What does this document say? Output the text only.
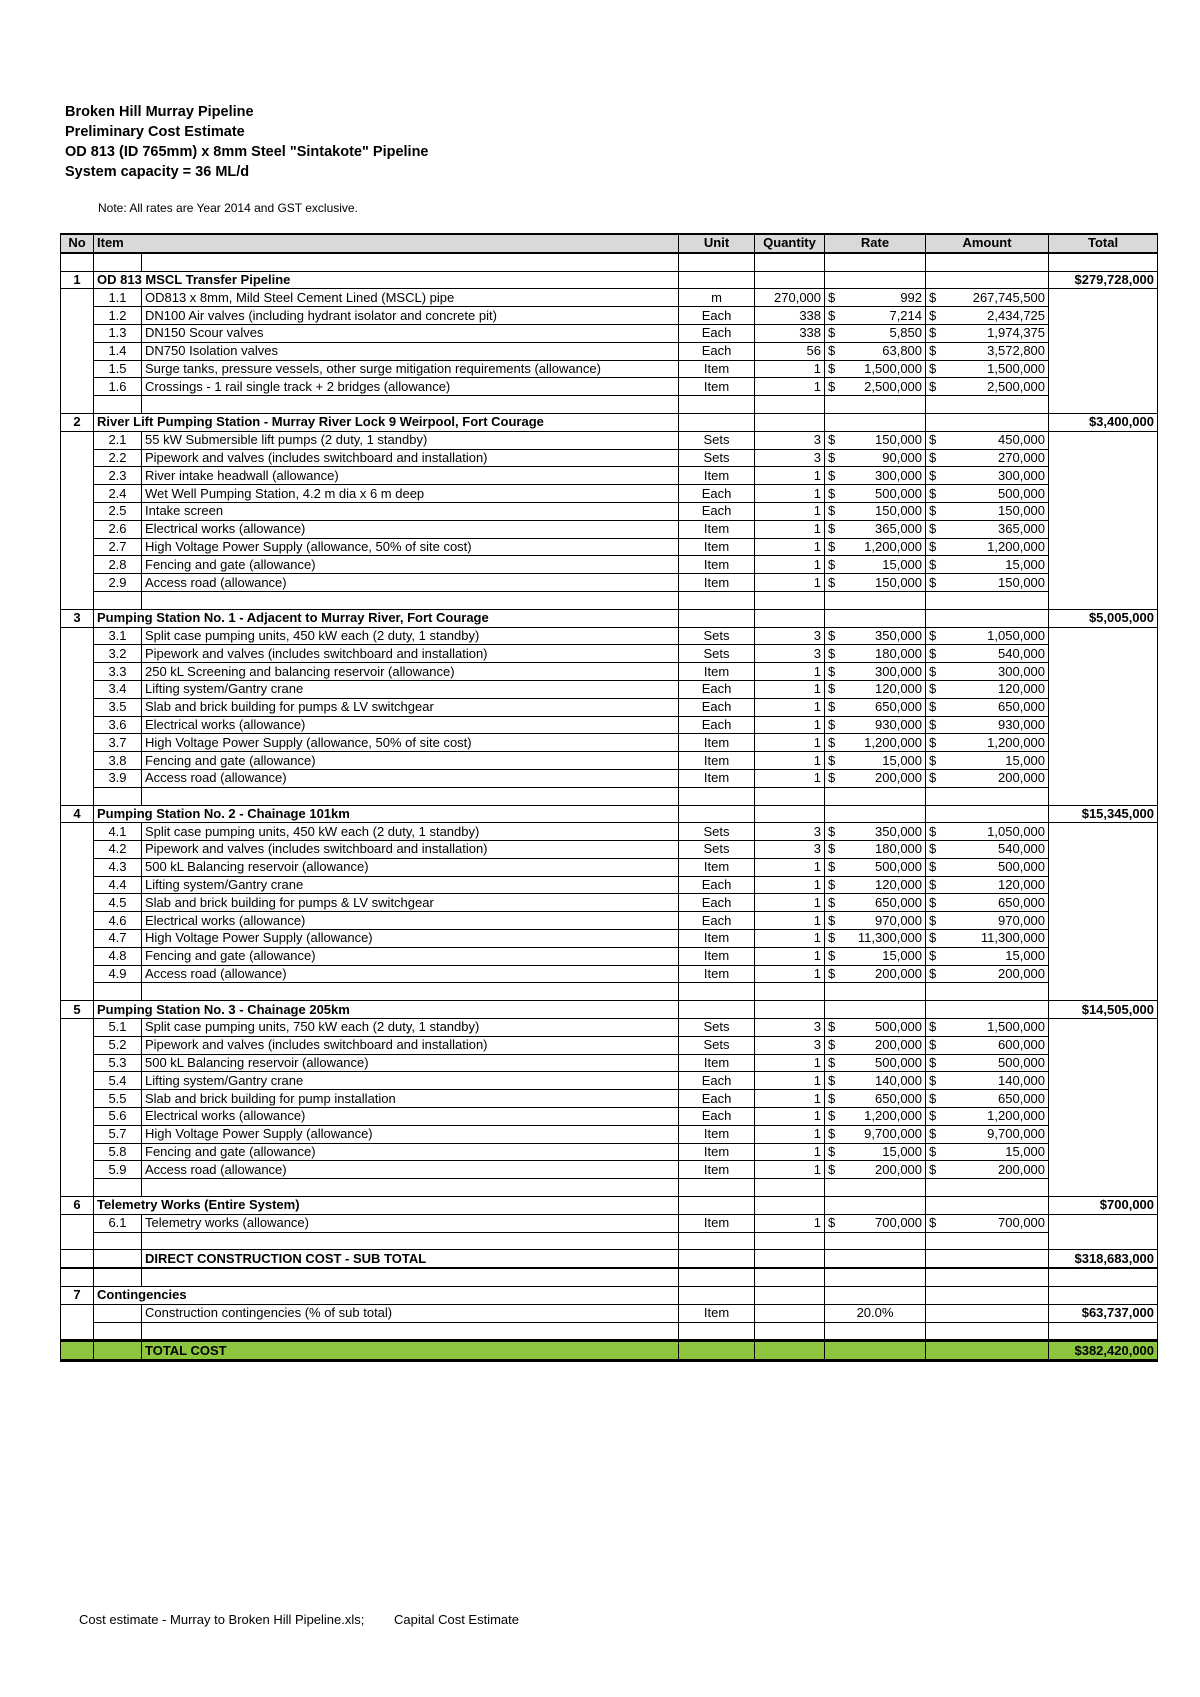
Broken Hill Murray Pipeline
Preliminary Cost Estimate
OD 813 (ID 765mm) x 8mm Steel "Sintakote" Pipeline
System capacity = 36 ML/d
Note: All rates are Year 2014 and GST exclusive.
No	Item		Unit	Quantity	Rate	Amount	Total

1	OD 813 MSCL Transfer Pipeline						$279,728,000
	1.1	OD813 x 8mm, Mild Steel Cement Lined (MSCL) pipe	m	270,000	$ 992	$ 267,745,500	

	1.2	DN100 Air valves (including hydrant isolator and concrete pit)	Each	338	$ 7,214	$ 2,434,725	

	1.3	DN150 Scour valves	Each	338	$ 5,850	$ 1,974,375	

	1.4	DN750 Isolation valves	Each	56	$ 63,800	$ 3,572,800	

	1.5	Surge tanks, pressure vessels, other surge mitigation requirements (allowance)	Item	1	$ 1,500,000	$ 1,500,000	

	1.6	Crossings - 1 rail single track + 2 bridges (allowance)	Item	1	$ 2,500,000	$ 2,500,000	

2	River Lift Pumping Station - Murray River Lock 9 Weirpool, Fort Courage						$3,400,000
	2.1	55 kW Submersible lift pumps (2 duty, 1 standby)	Sets	3	$ 150,000	$ 450,000	

	2.2	Pipework and valves (includes switchboard and installation)	Sets	3	$ 90,000	$ 270,000	

	2.3	River intake headwall (allowance)	Item	1	$ 300,000	$ 300,000	

	2.4	Wet Well Pumping Station, 4.2 m dia x 6 m deep	Each	1	$ 500,000	$ 500,000	

	2.5	Intake screen	Each	1	$ 150,000	$ 150,000	

	2.6	Electrical works (allowance)	Item	1	$ 365,000	$ 365,000	

	2.7	High Voltage Power Supply (allowance, 50% of site cost)	Item	1	$ 1,200,000	$ 1,200,000	

	2.8	Fencing and gate (allowance)	Item	1	$ 15,000	$ 15,000	

	2.9	Access road (allowance)	Item	1	$ 150,000	$ 150,000	

3	Pumping Station No. 1 - Adjacent to Murray River, Fort Courage						$5,005,000
	3.1	Split case pumping units, 450 kW each (2 duty, 1 standby)	Sets	3	$ 350,000	$ 1,050,000	

	3.2	Pipework and valves (includes switchboard and installation)	Sets	3	$ 180,000	$ 540,000	

	3.3	250 kL Screening and balancing reservoir (allowance)	Item	1	$ 300,000	$ 300,000	

	3.4	Lifting system/Gantry crane	Each	1	$ 120,000	$ 120,000	

	3.5	Slab and brick building for pumps & LV switchgear	Each	1	$ 650,000	$ 650,000	

	3.6	Electrical works (allowance)	Each	1	$ 930,000	$ 930,000	

	3.7	High Voltage Power Supply (allowance, 50% of site cost)	Item	1	$ 1,200,000	$ 1,200,000	

	3.8	Fencing and gate (allowance)	Item	1	$ 15,000	$ 15,000	

	3.9	Access road (allowance)	Item	1	$ 200,000	$ 200,000	

4	Pumping Station No. 2 - Chainage 101km						$15,345,000
	4.1	Split case pumping units, 450 kW each (2 duty, 1 standby)	Sets	3	$ 350,000	$ 1,050,000	

	4.2	Pipework and valves (includes switchboard and installation)	Sets	3	$ 180,000	$ 540,000	

	4.3	500 kL Balancing reservoir (allowance)	Item	1	$ 500,000	$ 500,000	

	4.4	Lifting system/Gantry crane	Each	1	$ 120,000	$ 120,000	

	4.5	Slab and brick building for pumps & LV switchgear	Each	1	$ 650,000	$ 650,000	

	4.6	Electrical works (allowance)	Each	1	$ 970,000	$ 970,000	

	4.7	High Voltage Power Supply (allowance)	Item	1	$ 11,300,000	$ 11,300,000	

	4.8	Fencing and gate (allowance)	Item	1	$ 15,000	$ 15,000	

	4.9	Access road (allowance)	Item	1	$ 200,000	$ 200,000	

5	Pumping Station No. 3 - Chainage 205km						$14,505,000
	5.1	Split case pumping units, 750 kW each (2 duty, 1 standby)	Sets	3	$ 500,000	$ 1,500,000	

	5.2	Pipework and valves (includes switchboard and installation)	Sets	3	$ 200,000	$ 600,000	

	5.3	500 kL Balancing reservoir (allowance)	Item	1	$ 500,000	$ 500,000	

	5.4	Lifting system/Gantry crane	Each	1	$ 140,000	$ 140,000	

	5.5	Slab and brick building for pump installation	Each	1	$ 650,000	$ 650,000	

	5.6	Electrical works (allowance)	Each	1	$ 1,200,000	$ 1,200,000	

	5.7	High Voltage Power Supply (allowance)	Item	1	$ 9,700,000	$ 9,700,000	

	5.8	Fencing and gate (allowance)	Item	1	$ 15,000	$ 15,000	

	5.9	Access road (allowance)	Item	1	$ 200,000	$ 200,000	

6	Telemetry Works (Entire System)						$700,000
	6.1	Telemetry works (allowance)	Item	1	$ 700,000	$ 700,000	

		DIRECT CONSTRUCTION COST - SUB TOTAL					$318,683,000

7	Contingencies						
		Construction contingencies (% of sub total)	Item		20.0%		$63,737,000

		TOTAL COST					$382,420,000
Cost estimate - Murray to Broken Hill Pipeline.xls; Capital Cost Estimate
